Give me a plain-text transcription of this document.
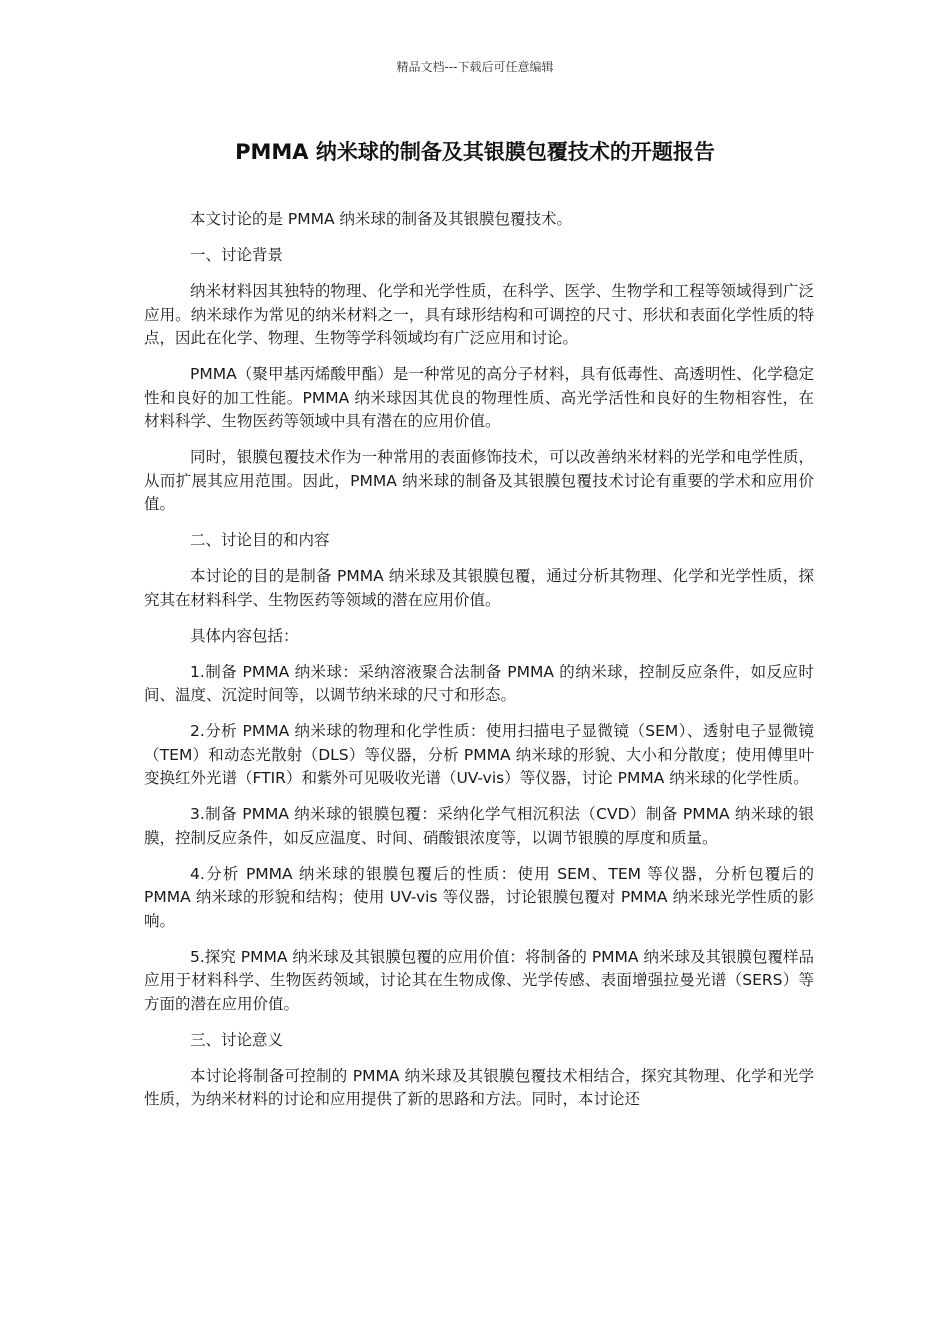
精品文档---下载后可任意编辑
PMMA 纳米球的制备及其银膜包覆技术的开题报告

本文讨论的是 PMMA 纳米球的制备及其银膜包覆技术。

一、讨论背景

纳米材料因其独特的物理、化学和光学性质，在科学、医学、生物学和工程等领域得到广泛应用。纳米球作为常见的纳米材料之一，具有球形结构和可调控的尺寸、形状和表面化学性质的特点，因此在化学、物理、生物等学科领域均有广泛应用和讨论。

PMMA（聚甲基丙烯酸甲酯）是一种常见的高分子材料，具有低毒性、高透明性、化学稳定性和良好的加工性能。PMMA 纳米球因其优良的物理性质、高光学活性和良好的生物相容性，在材料科学、生物医药等领域中具有潜在的应用价值。

同时，银膜包覆技术作为一种常用的表面修饰技术，可以改善纳米材料的光学和电学性质，从而扩展其应用范围。因此，PMMA 纳米球的制备及其银膜包覆技术讨论有重要的学术和应用价值。

二、讨论目的和内容

本讨论的目的是制备 PMMA 纳米球及其银膜包覆，通过分析其物理、化学和光学性质，探究其在材料科学、生物医药等领域的潜在应用价值。

具体内容包括：

1.制备 PMMA 纳米球：采纳溶液聚合法制备 PMMA 的纳米球，控制反应条件，如反应时间、温度、沉淀时间等，以调节纳米球的尺寸和形态。

2.分析 PMMA 纳米球的物理和化学性质：使用扫描电子显微镜（SEM）、透射电子显微镜（TEM）和动态光散射（DLS）等仪器，分析 PMMA 纳米球的形貌、大小和分散度；使用傅里叶变换红外光谱（FTIR）和紫外可见吸收光谱（UV-vis）等仪器，讨论 PMMA 纳米球的化学性质。

3.制备 PMMA 纳米球的银膜包覆：采纳化学气相沉积法（CVD）制备 PMMA 纳米球的银膜，控制反应条件，如反应温度、时间、硝酸银浓度等，以调节银膜的厚度和质量。

4.分析 PMMA 纳米球的银膜包覆后的性质：使用 SEM、TEM 等仪器，分析包覆后的 PMMA 纳米球的形貌和结构；使用 UV-vis 等仪器，讨论银膜包覆对 PMMA 纳米球光学性质的影响。

5.探究 PMMA 纳米球及其银膜包覆的应用价值：将制备的 PMMA 纳米球及其银膜包覆样品应用于材料科学、生物医药领域，讨论其在生物成像、光学传感、表面增强拉曼光谱（SERS）等方面的潜在应用价值。

三、讨论意义

本讨论将制备可控制的 PMMA 纳米球及其银膜包覆技术相结合，探究其物理、化学和光学性质，为纳米材料的讨论和应用提供了新的思路和方法。同时，本讨论还
